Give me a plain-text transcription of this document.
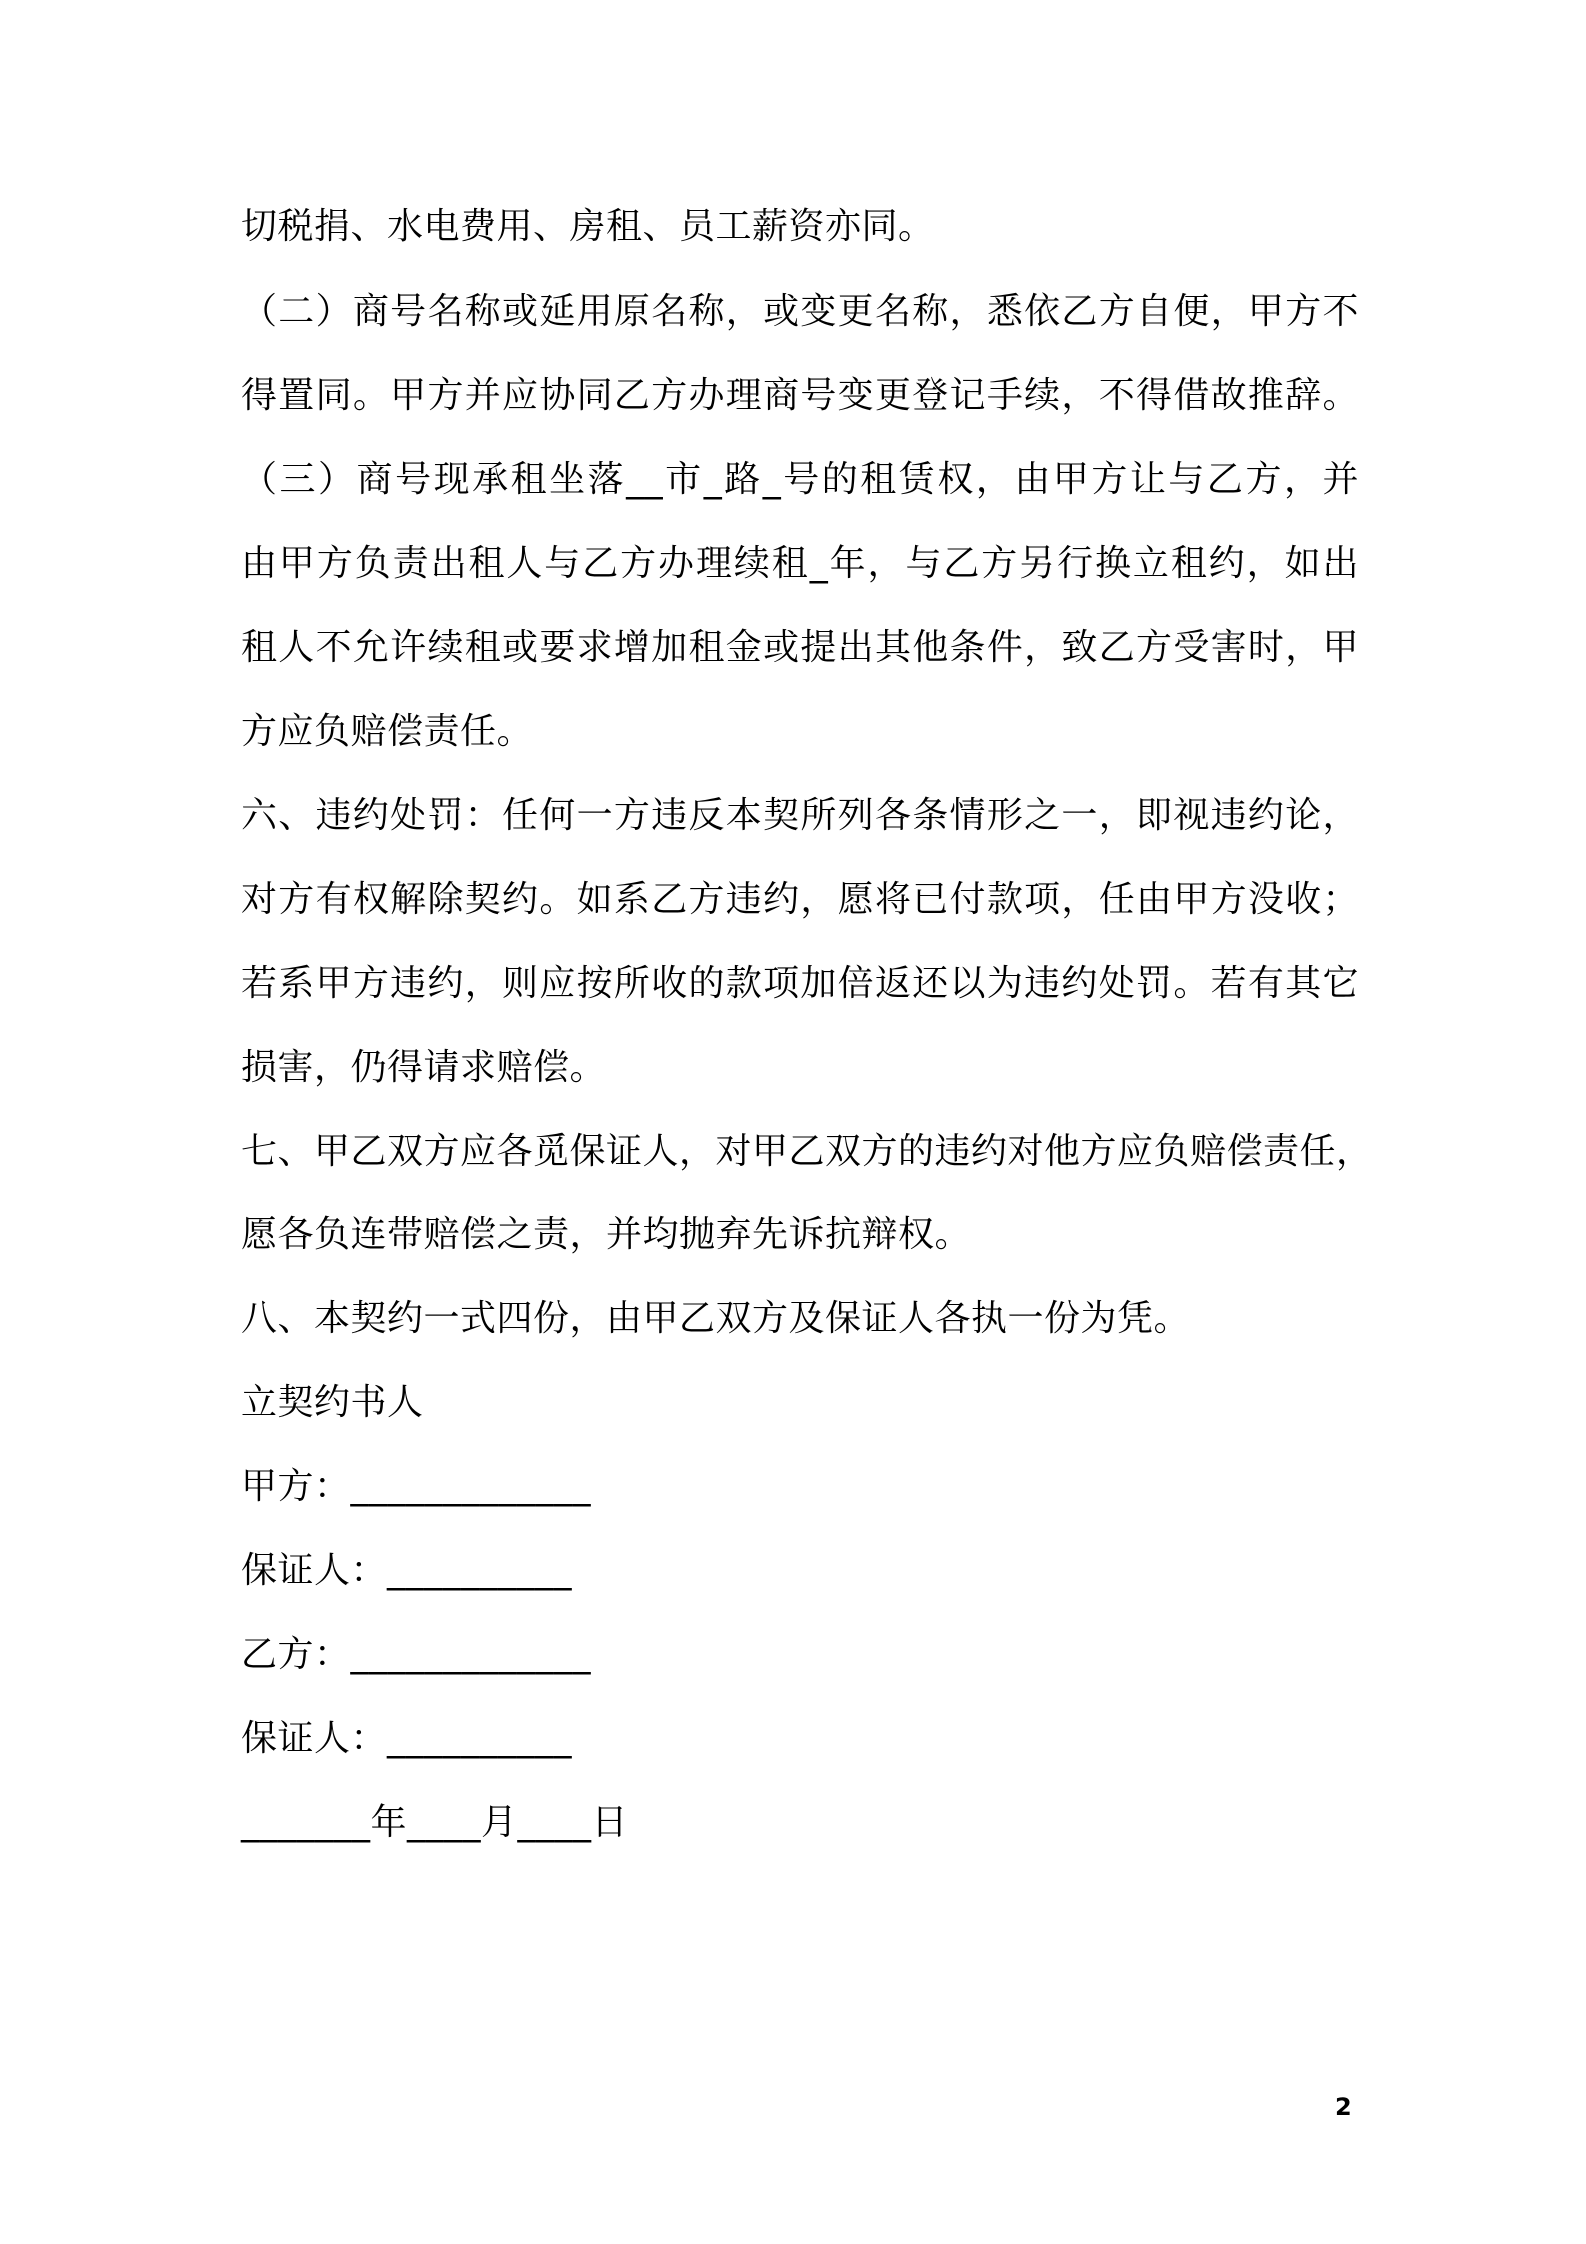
切税捐、水电费用、房租、员工薪资亦同。
（二）商号名称或延用原名称，或变更名称，悉依乙方自便，甲方不
得置同。甲方并应协同乙方办理商号变更登记手续，不得借故推辞。
（三）商号现承租坐落__市_路_号的租赁权，由甲方让与乙方，并
由甲方负责出租人与乙方办理续租_年，与乙方另行换立租约，如出
租人不允许续租或要求增加租金或提出其他条件，致乙方受害时，甲
方应负赔偿责任。
六、违约处罚：任何一方违反本契所列各条情形之一，即视违约论，
对方有权解除契约。如系乙方违约，愿将已付款项，任由甲方没收；
若系甲方违约，则应按所收的款项加倍返还以为违约处罚。若有其它
损害，仍得请求赔偿。
七、甲乙双方应各觅保证人，对甲乙双方的违约对他方应负赔偿责任，
愿各负连带赔偿之责，并均抛弃先诉抗辩权。
八、本契约一式四份，由甲乙双方及保证人各执一份为凭。
立契约书人
甲方：_____________
保证人：__________
乙方：_____________
保证人：__________
_______年____月____日
2
